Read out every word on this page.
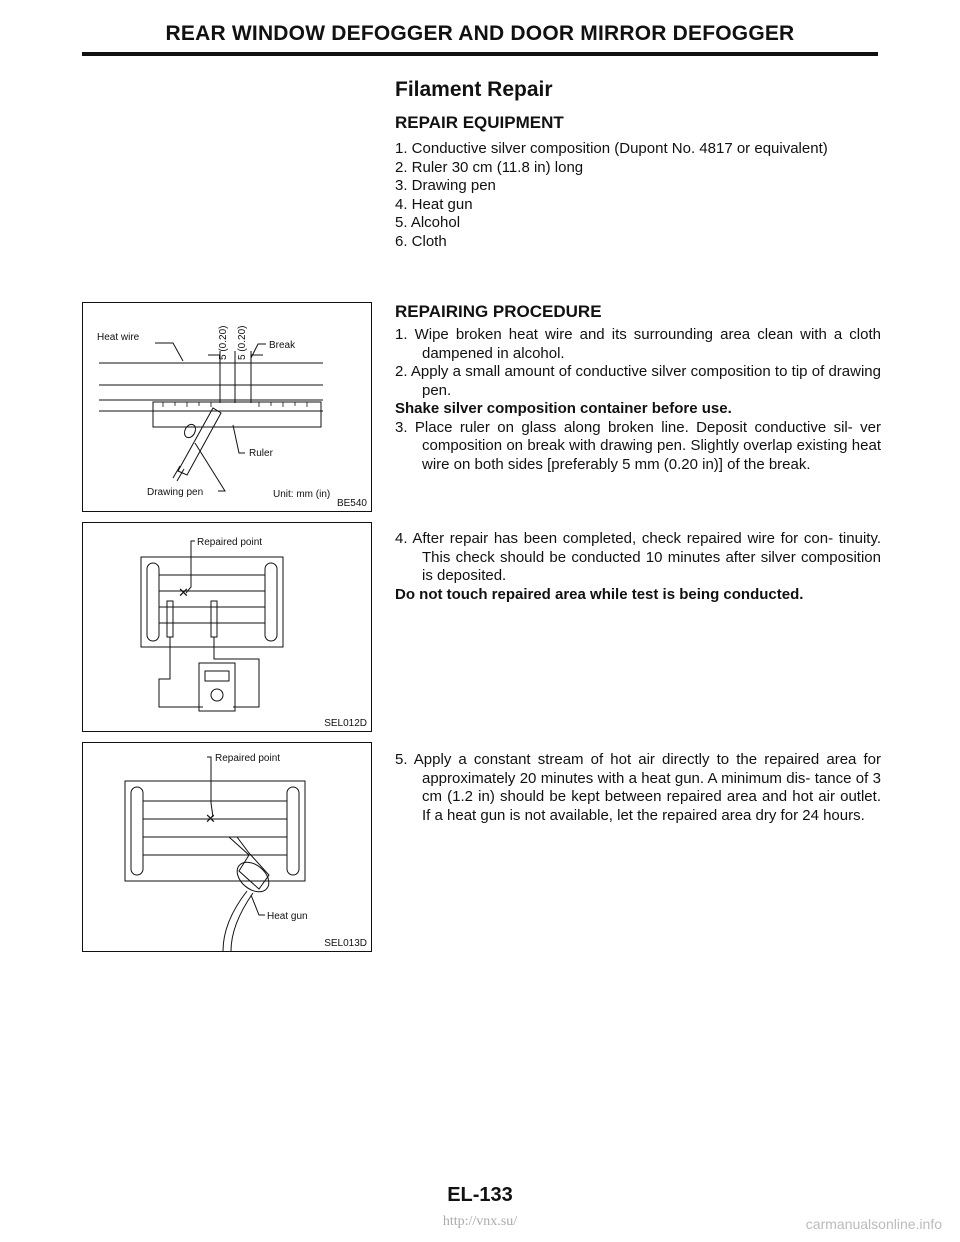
REAR WINDOW DEFOGGER AND DOOR MIRROR DEFOGGER
Filament Repair
REPAIR EQUIPMENT
1. Conductive silver composition (Dupont No. 4817 or equivalent)
2. Ruler 30 cm (11.8 in) long
3. Drawing pen
4. Heat gun
5. Alcohol
6. Cloth
REPAIRING PROCEDURE

1. Wipe broken heat wire and its surrounding area clean with a cloth dampened in alcohol.

2. Apply a small amount of conductive silver composition to tip of drawing pen.

Shake silver composition container before use.

3. Place ruler on glass along broken line. Deposit conductive sil- ver composition on break with drawing pen. Slightly overlap existing heat wire on both sides [preferably 5 mm (0.20 in)] of the break.

4. After repair has been completed, check repaired wire for con- tinuity. This check should be conducted 10 minutes after silver composition is deposited.

Do not touch repaired area while test is being conducted.

5. Apply a constant stream of hot air directly to the repaired area for approximately 20 minutes with a heat gun. A minimum dis- tance of 3 cm (1.2 in) should be kept between repaired area and hot air outlet. If a heat gun is not available, let the repaired area dry for 24 hours.

Heat wire	5 (0.20) 5 (0.20) Break
Ruler
Drawing pen	Unit: mm (in)
BE540
✕
Repaired point
SEL012D
✕
Repaired point
Heat gun
SEL013D
EL-133
http://vnx.su/	carmanualsonline.info
